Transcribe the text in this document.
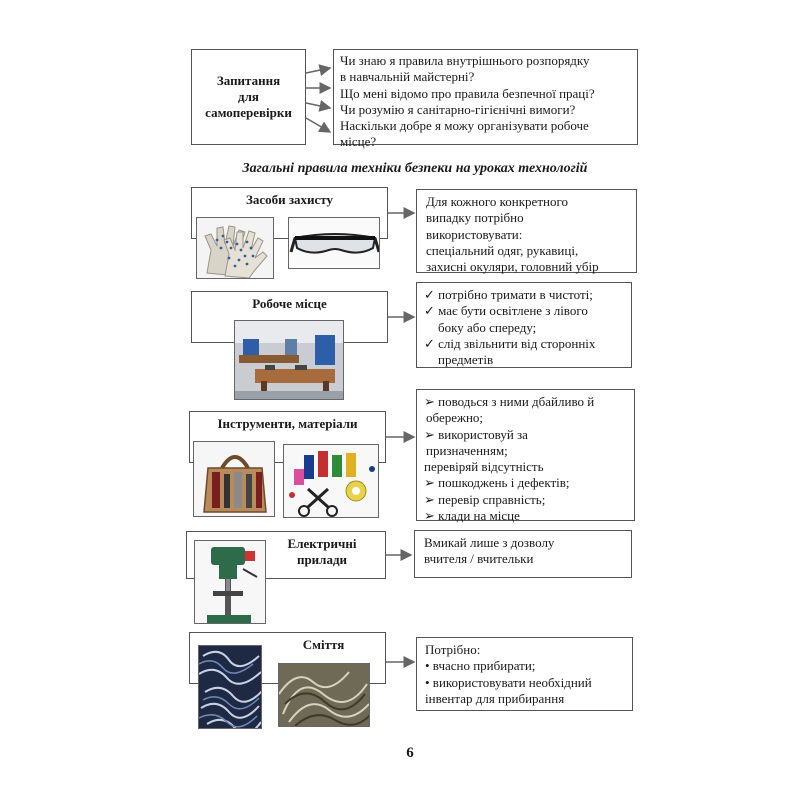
Запитання
для
самоперевірки
Чи знаю я правила внутрішнього розпорядку
в навчальній майстерні?
Що мені відомо про правила безпечної праці?
Чи розумію я санітарно-гігієнічні вимоги?
Наскільки добре я можу організувати робоче
місце?
Загальні правила техніки безпеки на уроках технологій
Засоби захисту	Для кожного конкретного
випадку потрібно
використовувати:
спеціальний одяг, рукавиці,
захисні окуляри, головний убір
Робоче місце
✓ потрібно тримати в чистоті;
✓ має бути освітлене з лівого
боку або спереду;
✓ слід звільнити від сторонніх
предметів
Інструменти, матеріали
➢ поводься з ними дбайливо й
обережно;
➢ використовуй за
призначенням;
перевіряй відсутність
➢ пошкоджень і дефектів;
➢ перевір справність;
➢ клади на місце
Електричні
прилади
Вмикай лише з дозволу
вчителя / вчительки
Сміття	Потрібно:
• вчасно прибирати;
• використовувати необхідний
інвентар для прибирання
6
